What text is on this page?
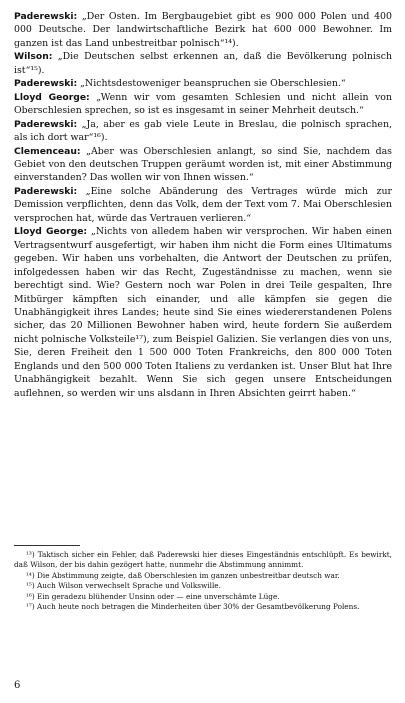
Paderewski: „Der Osten. Im Bergbaugebiet gibt es 900 000 Polen und 400 000 Deutsche. Der landwirtschaftliche Bezirk hat 600 000 Bewohner. Im ganzen ist das Land unbestreitbar polnisch“¹⁴).

Wilson: „Die Deutschen selbst erkennen an, daß die Bevölkerung polnisch ist“¹⁵).

Paderewski: „Nichtsdestoweniger beanspruchen sie Oberschlesien.“

Lloyd George: „Wenn wir vom gesamten Schlesien und nicht allein von Oberschlesien sprechen, so ist es insgesamt in seiner Mehrheit deutsch.“

Paderewski: „Ja, aber es gab viele Leute in Breslau, die polnisch sprachen, als ich dort war“¹⁶).

Clemenceau: „Aber was Oberschlesien anlangt, so sind Sie, nachdem das Gebiet von den deutschen Truppen geräumt worden ist, mit einer Abstimmung einverstanden? Das wollen wir von Ihnen wissen.“

Paderewski: „Eine solche Abänderung des Vertrages würde mich zur Demission verpflichten, denn das Volk, dem der Text vom 7. Mai Oberschlesien versprochen hat, würde das Vertrauen verlieren.“

Lloyd George: „Nichts von alledem haben wir versprochen. Wir haben einen Vertragsentwurf ausgefertigt, wir haben ihm nicht die Form eines Ultimatums gegeben. Wir haben uns vorbehalten, die Antwort der Deutschen zu prüfen, infolgedessen haben wir das Recht, Zugeständnisse zu machen, wenn sie berechtigt sind. Wie? Gestern noch war Polen in drei Teile gespalten, Ihre Mitbürger kämpften sich einander, und alle kämpfen sie gegen die Unabhängigkeit ihres Landes; heute sind Sie eines wiedererstandenen Polens sicher, das 20 Millionen Bewohner haben wird, heute fordern Sie außerdem nicht polnische Volksteile¹⁷), zum Beispiel Galizien. Sie verlangen dies von uns, Sie, deren Freiheit den 1 500 000 Toten Frankreichs, den 800 000 Toten Englands und den 500 000 Toten Italiens zu verdanken ist. Unser Blut hat Ihre Unabhängigkeit bezahlt. Wenn Sie sich gegen unsere Entscheidungen auflehnen, so werden wir uns alsdann in Ihren Absichten geirrt haben.“

¹³) Taktisch sicher ein Fehler, daß Paderewski hier dieses Eingeständnis entschlüpft. Es bewirkt, daß Wilson, der bis dahin gezögert hatte, nunmehr die Abstimmung annimmt.

¹⁴) Die Abstimmung zeigte, daß Oberschlesien im ganzen unbestreitbar deutsch war.

¹⁵) Auch Wilson verwechselt Sprache und Volkswille.

¹⁶) Ein geradezu blühender Unsinn oder — eine unverschämte Lüge.

¹⁷) Auch heute noch betragen die Minderheiten über 30% der Gesamtbevölkerung Polens.

6
